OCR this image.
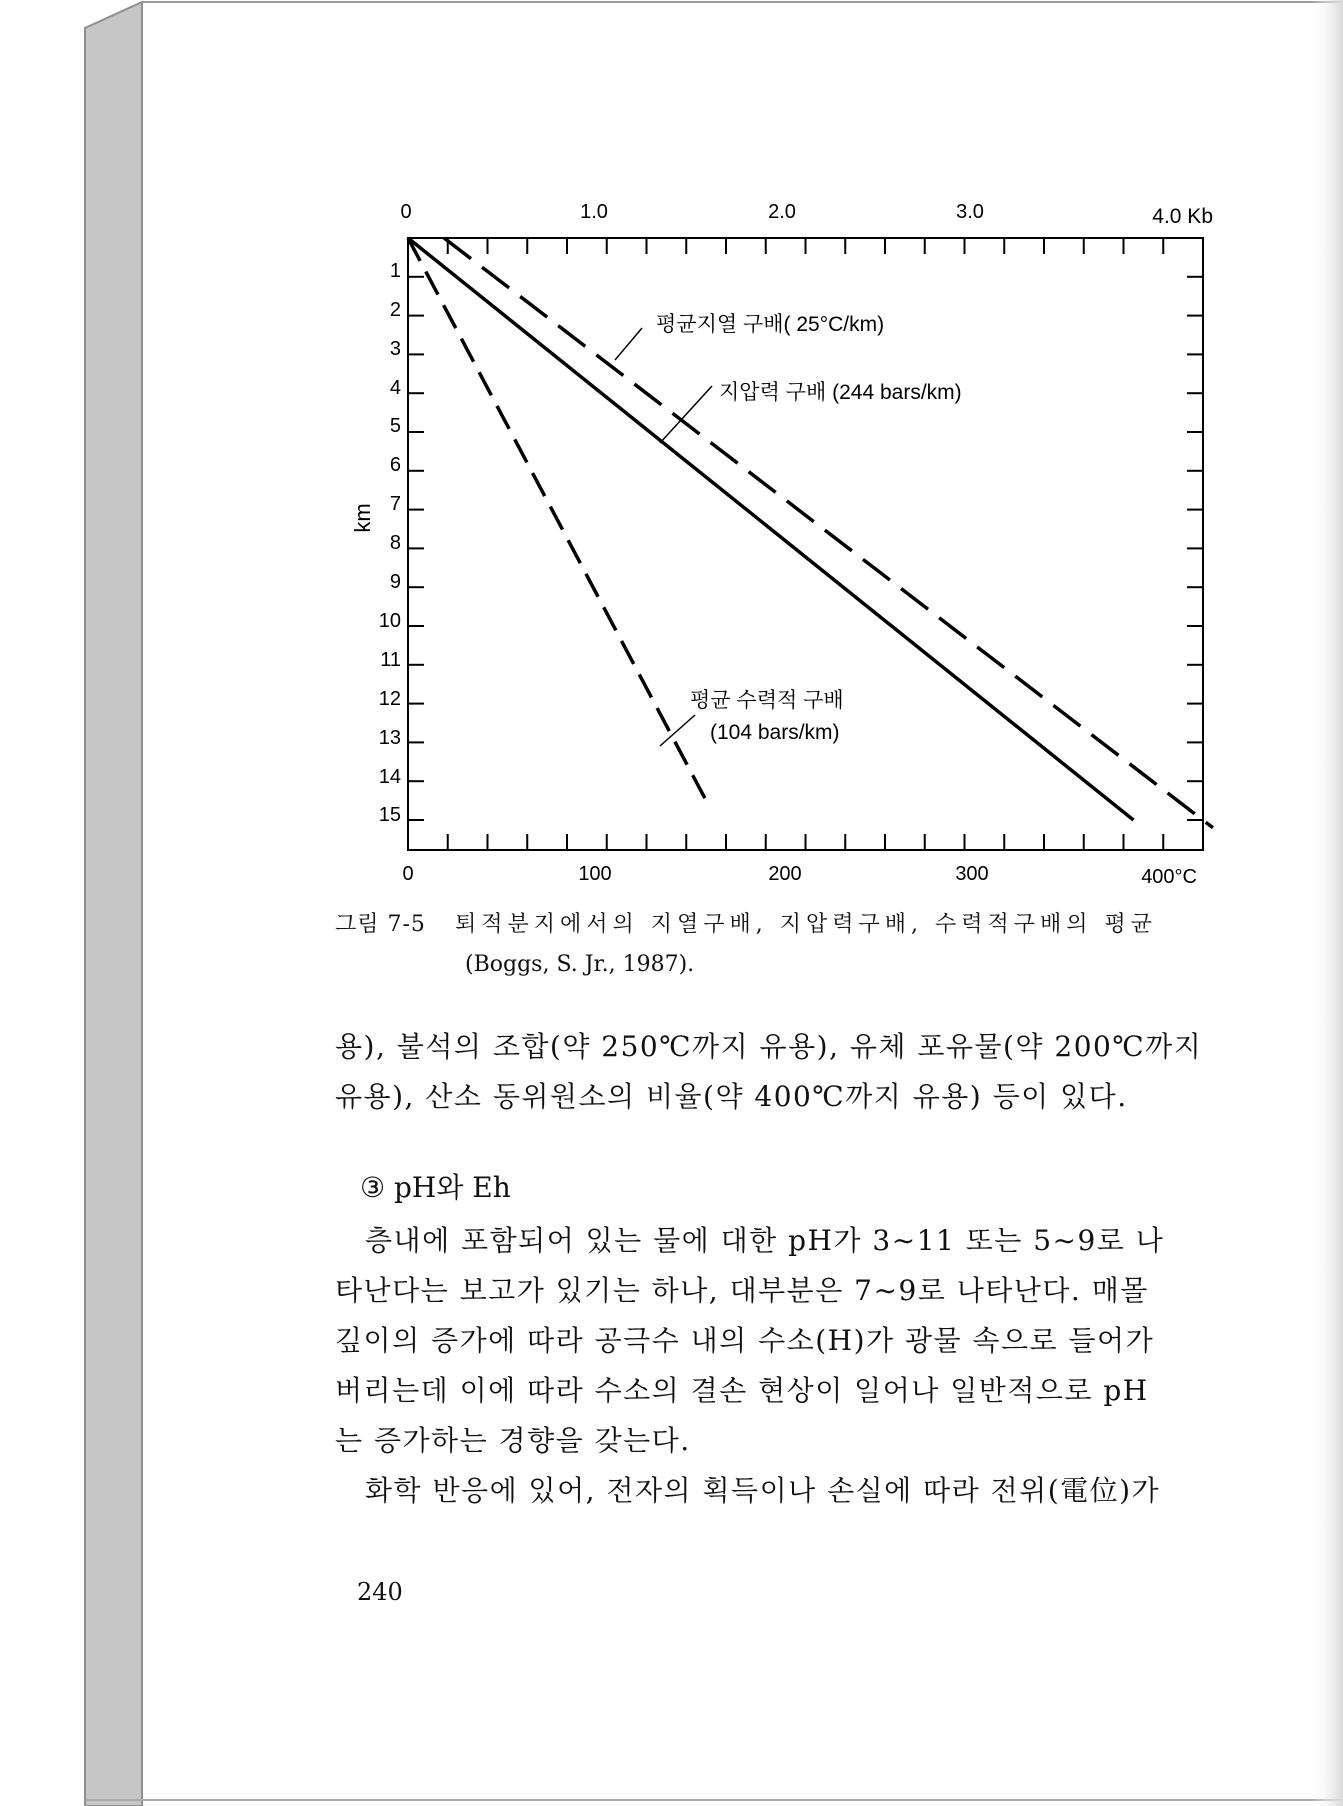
0	1.0	2.0	3.0	4.0 Kb
km
1
2
3
4
5
6
7
8
9
10
11
12
13
14
15
0	100	200	300	400°C
평균지열 구배( 25°C/km)
지압력 구배 (244 bars/km)
평균 수력적 구배
(104 bars/km)
그림 7-5 퇴적분지에서의 지열구배, 지압력구배, 수력적구배의 평균
(Boggs, S. Jr., 1987).

용), 불석의 조합(약 250℃까지 유용), 유체 포유물(약 200℃까지

유용), 산소 동위원소의 비율(약 400℃까지 유용) 등이 있다.

③ pH와 Eh

층내에 포함되어 있는 물에 대한 pH가 3∼11 또는 5∼9로 나

타난다는 보고가 있기는 하나, 대부분은 7∼9로 나타난다. 매몰

깊이의 증가에 따라 공극수 내의 수소(H)가 광물 속으로 들어가

버리는데 이에 따라 수소의 결손 현상이 일어나 일반적으로 pH

는 증가하는 경향을 갖는다.

화학 반응에 있어, 전자의 획득이나 손실에 따라 전위(電位)가

240
